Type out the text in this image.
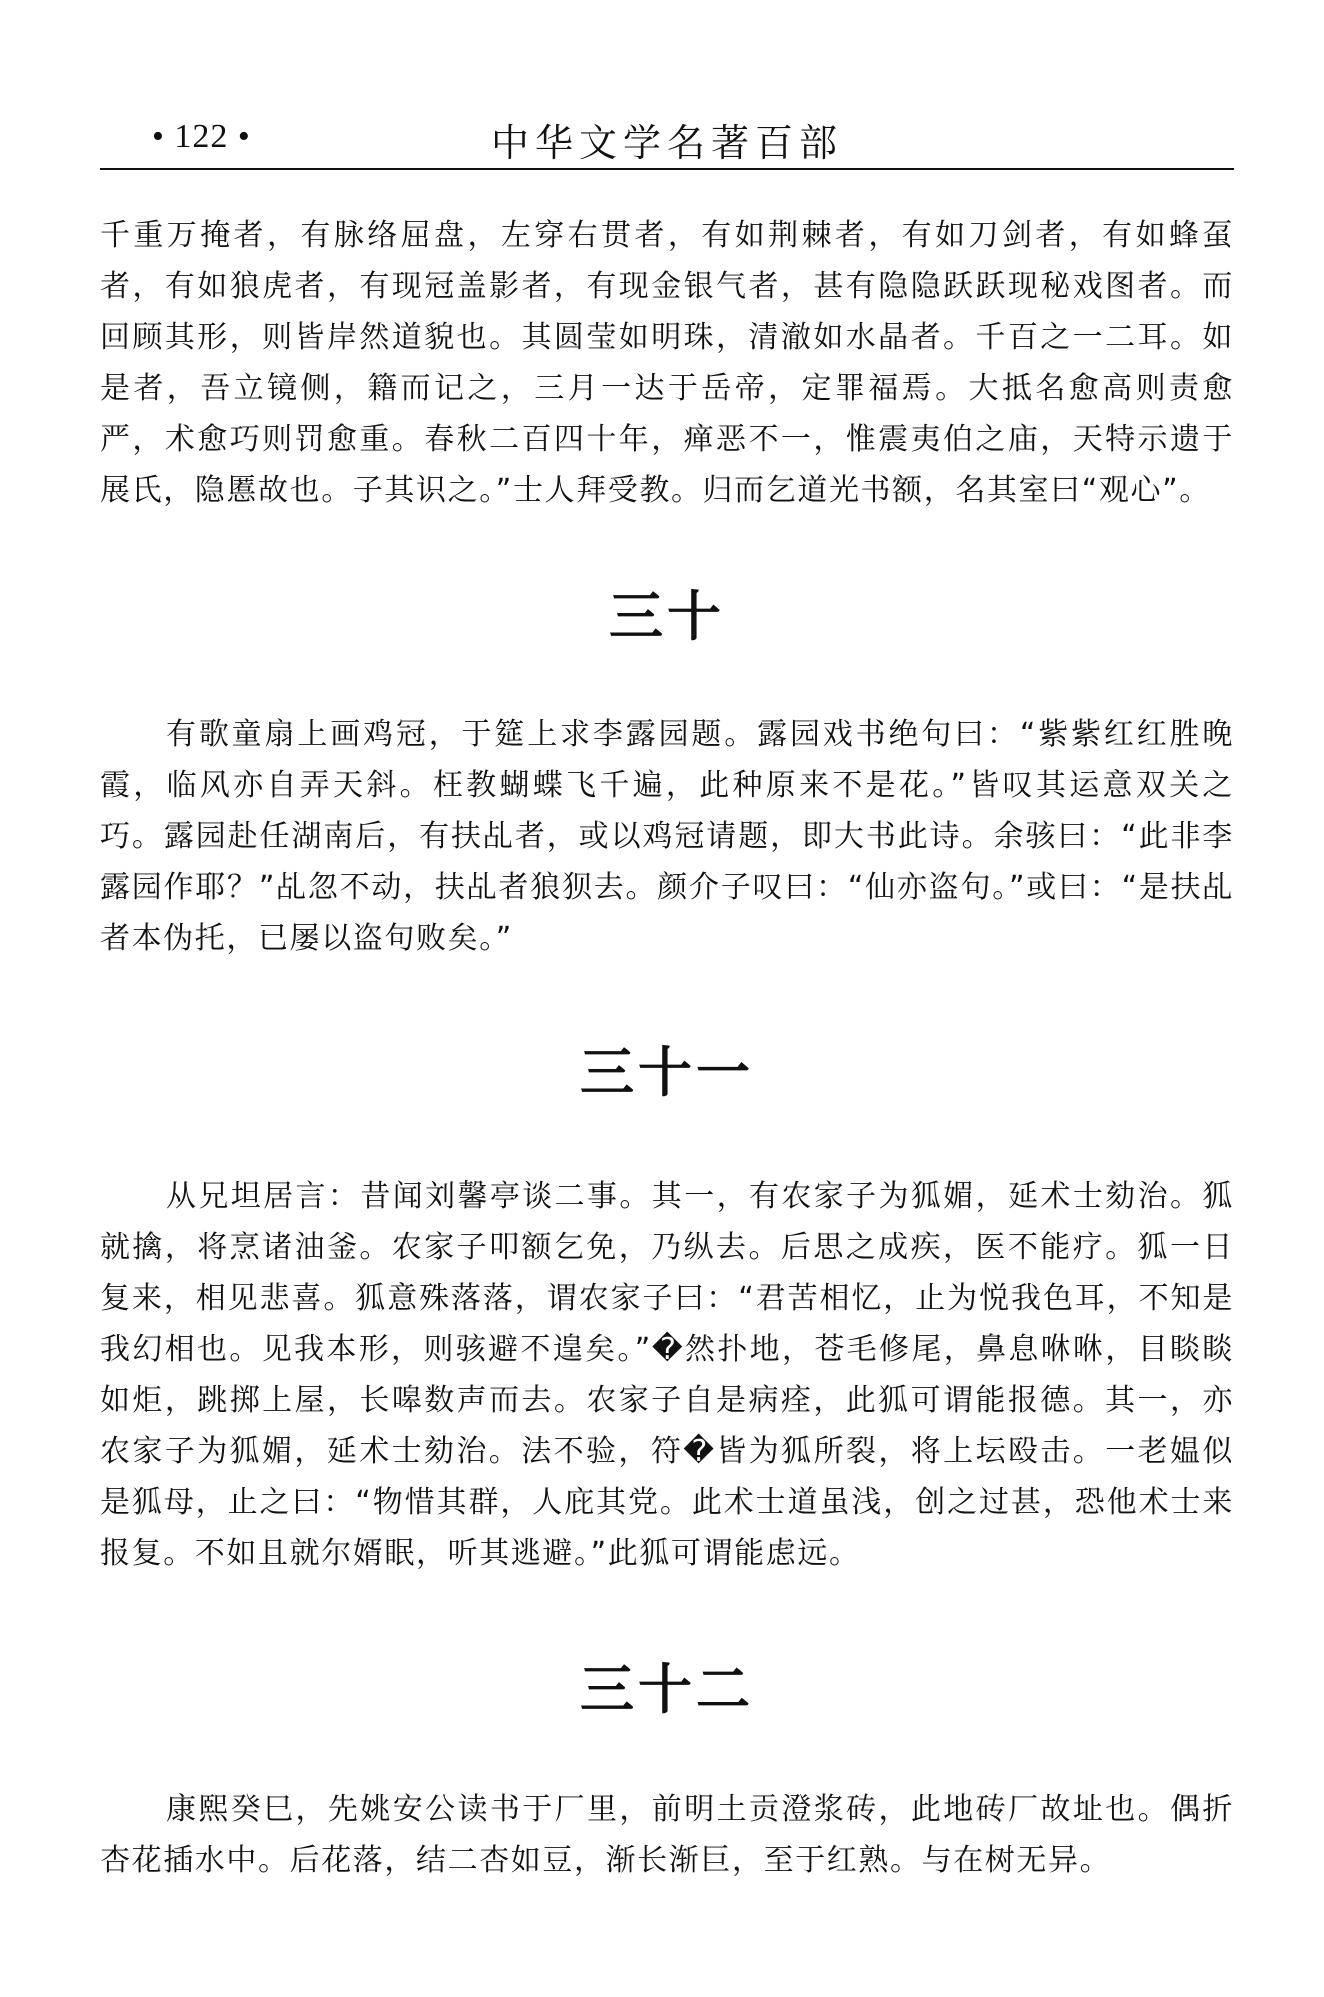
• 122 •	中华文学名著百部

千重万掩者，有脉络屈盘，左穿右贯者，有如荆棘者，有如刀剑者，有如蜂虿者，有如狼虎者，有现冠盖影者，有现金银气者，甚有隐隐跃跃现秘戏图者。而回顾其形，则皆岸然道貌也。其圆莹如明珠，清澈如水晶者。千百之一二耳。如是者，吾立镜侧，籍而记之，三月一达于岳帝，定罪福焉。大抵名愈高则责愈严，术愈巧则罚愈重。春秋二百四十年，瘅恶不一，惟震夷伯之庙，天特示遗于展氏，隐慝故也。子其识之。”士人拜受教。归而乞道光书额，名其室曰“观心”。

三十

有歌童扇上画鸡冠，于筵上求李露园题。露园戏书绝句曰：“紫紫红红胜晚霞，临风亦自弄天斜。枉教蝴蝶飞千遍，此种原来不是花。”皆叹其运意双关之巧。露园赴任湖南后，有扶乩者，或以鸡冠请题，即大书此诗。余骇曰：“此非李露园作耶？”乩忽不动，扶乩者狼狈去。颜介子叹曰：“仙亦盗句。”或曰：“是扶乩者本伪托，已屡以盗句败矣。”

三十一

从兄坦居言：昔闻刘馨亭谈二事。其一，有农家子为狐媚，延术士劾治。狐就擒，将烹诸油釜。农家子叩额乞免，乃纵去。后思之成疾，医不能疗。狐一日复来，相见悲喜。狐意殊落落，谓农家子曰：“君苦相忆，止为悦我色耳，不知是我幻相也。见我本形，则骇避不遑矣。”�然扑地，苍毛修尾，鼻息咻咻，目睒睒如炬，跳掷上屋，长嗥数声而去。农家子自是病痊，此狐可谓能报德。其一，亦农家子为狐媚，延术士劾治。法不验，符�皆为狐所裂，将上坛殴击。一老媪似是狐母，止之曰：“物惜其群，人庇其党。此术士道虽浅，创之过甚，恐他术士来报复。不如且就尔婿眠，听其逃避。”此狐可谓能虑远。

三十二

康熙癸巳，先姚安公读书于厂里，前明土贡澄浆砖，此地砖厂故址也。偶折杏花插水中。后花落，结二杏如豆，渐长渐巨，至于红熟。与在树无异。
